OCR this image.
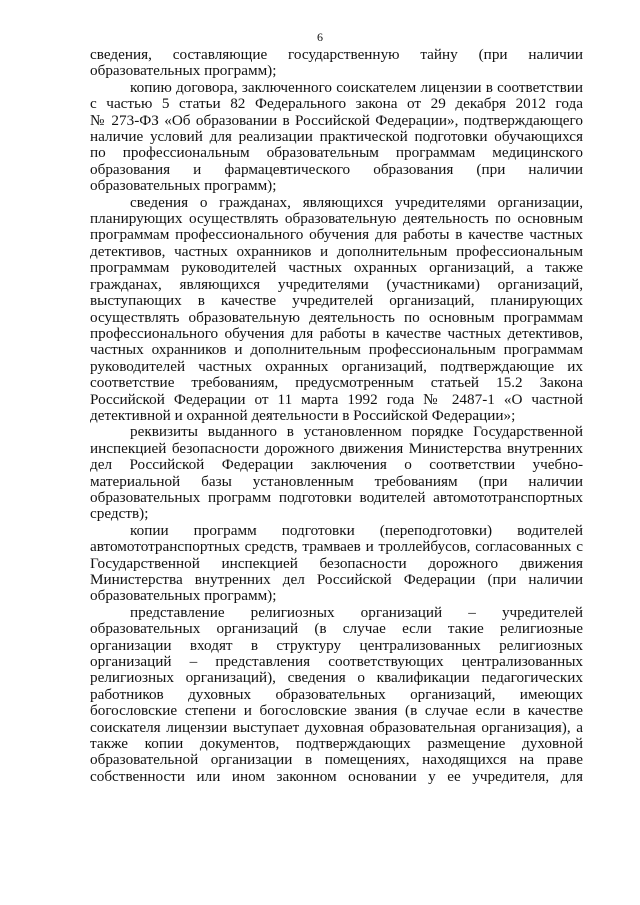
6
сведения, составляющие государственную тайну (при наличии
образовательных программ);
копию договора, заключенного соискателем лицензии в соответствии
с частью 5 статьи 82 Федерального закона от 29 декабря 2012 года
№ 273-ФЗ «Об образовании в Российской Федерации», подтверждающего
наличие условий для реализации практической подготовки обучающихся
по профессиональным образовательным программам медицинского
образования и фармацевтического образования (при наличии
образовательных программ);
сведения о гражданах, являющихся учредителями организации,
планирующих осуществлять образовательную деятельность по основным
программам профессионального обучения для работы в качестве частных
детективов, частных охранников и дополнительным профессиональным
программам руководителей частных охранных организаций, а также
гражданах, являющихся учредителями (участниками) организаций,
выступающих в качестве учредителей организаций, планирующих
осуществлять образовательную деятельность по основным программам
профессионального обучения для работы в качестве частных детективов,
частных охранников и дополнительным профессиональным программам
руководителей частных охранных организаций, подтверждающие их
соответствие требованиям, предусмотренным статьей 15.2 Закона
Российской Федерации от 11 марта 1992 года № 2487-1 «О частной
детективной и охранной деятельности в Российской Федерации»;
реквизиты выданного в установленном порядке Государственной
инспекцией безопасности дорожного движения Министерства внутренних
дел Российской Федерации заключения о соответствии учебно-
материальной базы установленным требованиям (при наличии
образовательных программ подготовки водителей автомототранспортных
средств);
копии программ подготовки (переподготовки) водителей
автомототранспортных средств, трамваев и троллейбусов, согласованных с
Государственной инспекцией безопасности дорожного движения
Министерства внутренних дел Российской Федерации (при наличии
образовательных программ);
представление религиозных организаций – учредителей
образовательных организаций (в случае если такие религиозные
организации входят в структуру централизованных религиозных
организаций – представления соответствующих централизованных
религиозных организаций), сведения о квалификации педагогических
работников духовных образовательных организаций, имеющих
богословские степени и богословские звания (в случае если в качестве
соискателя лицензии выступает духовная образовательная организация), а
также копии документов, подтверждающих размещение духовной
образовательной организации в помещениях, находящихся на праве
собственности или ином законном основании у ее учредителя, для
